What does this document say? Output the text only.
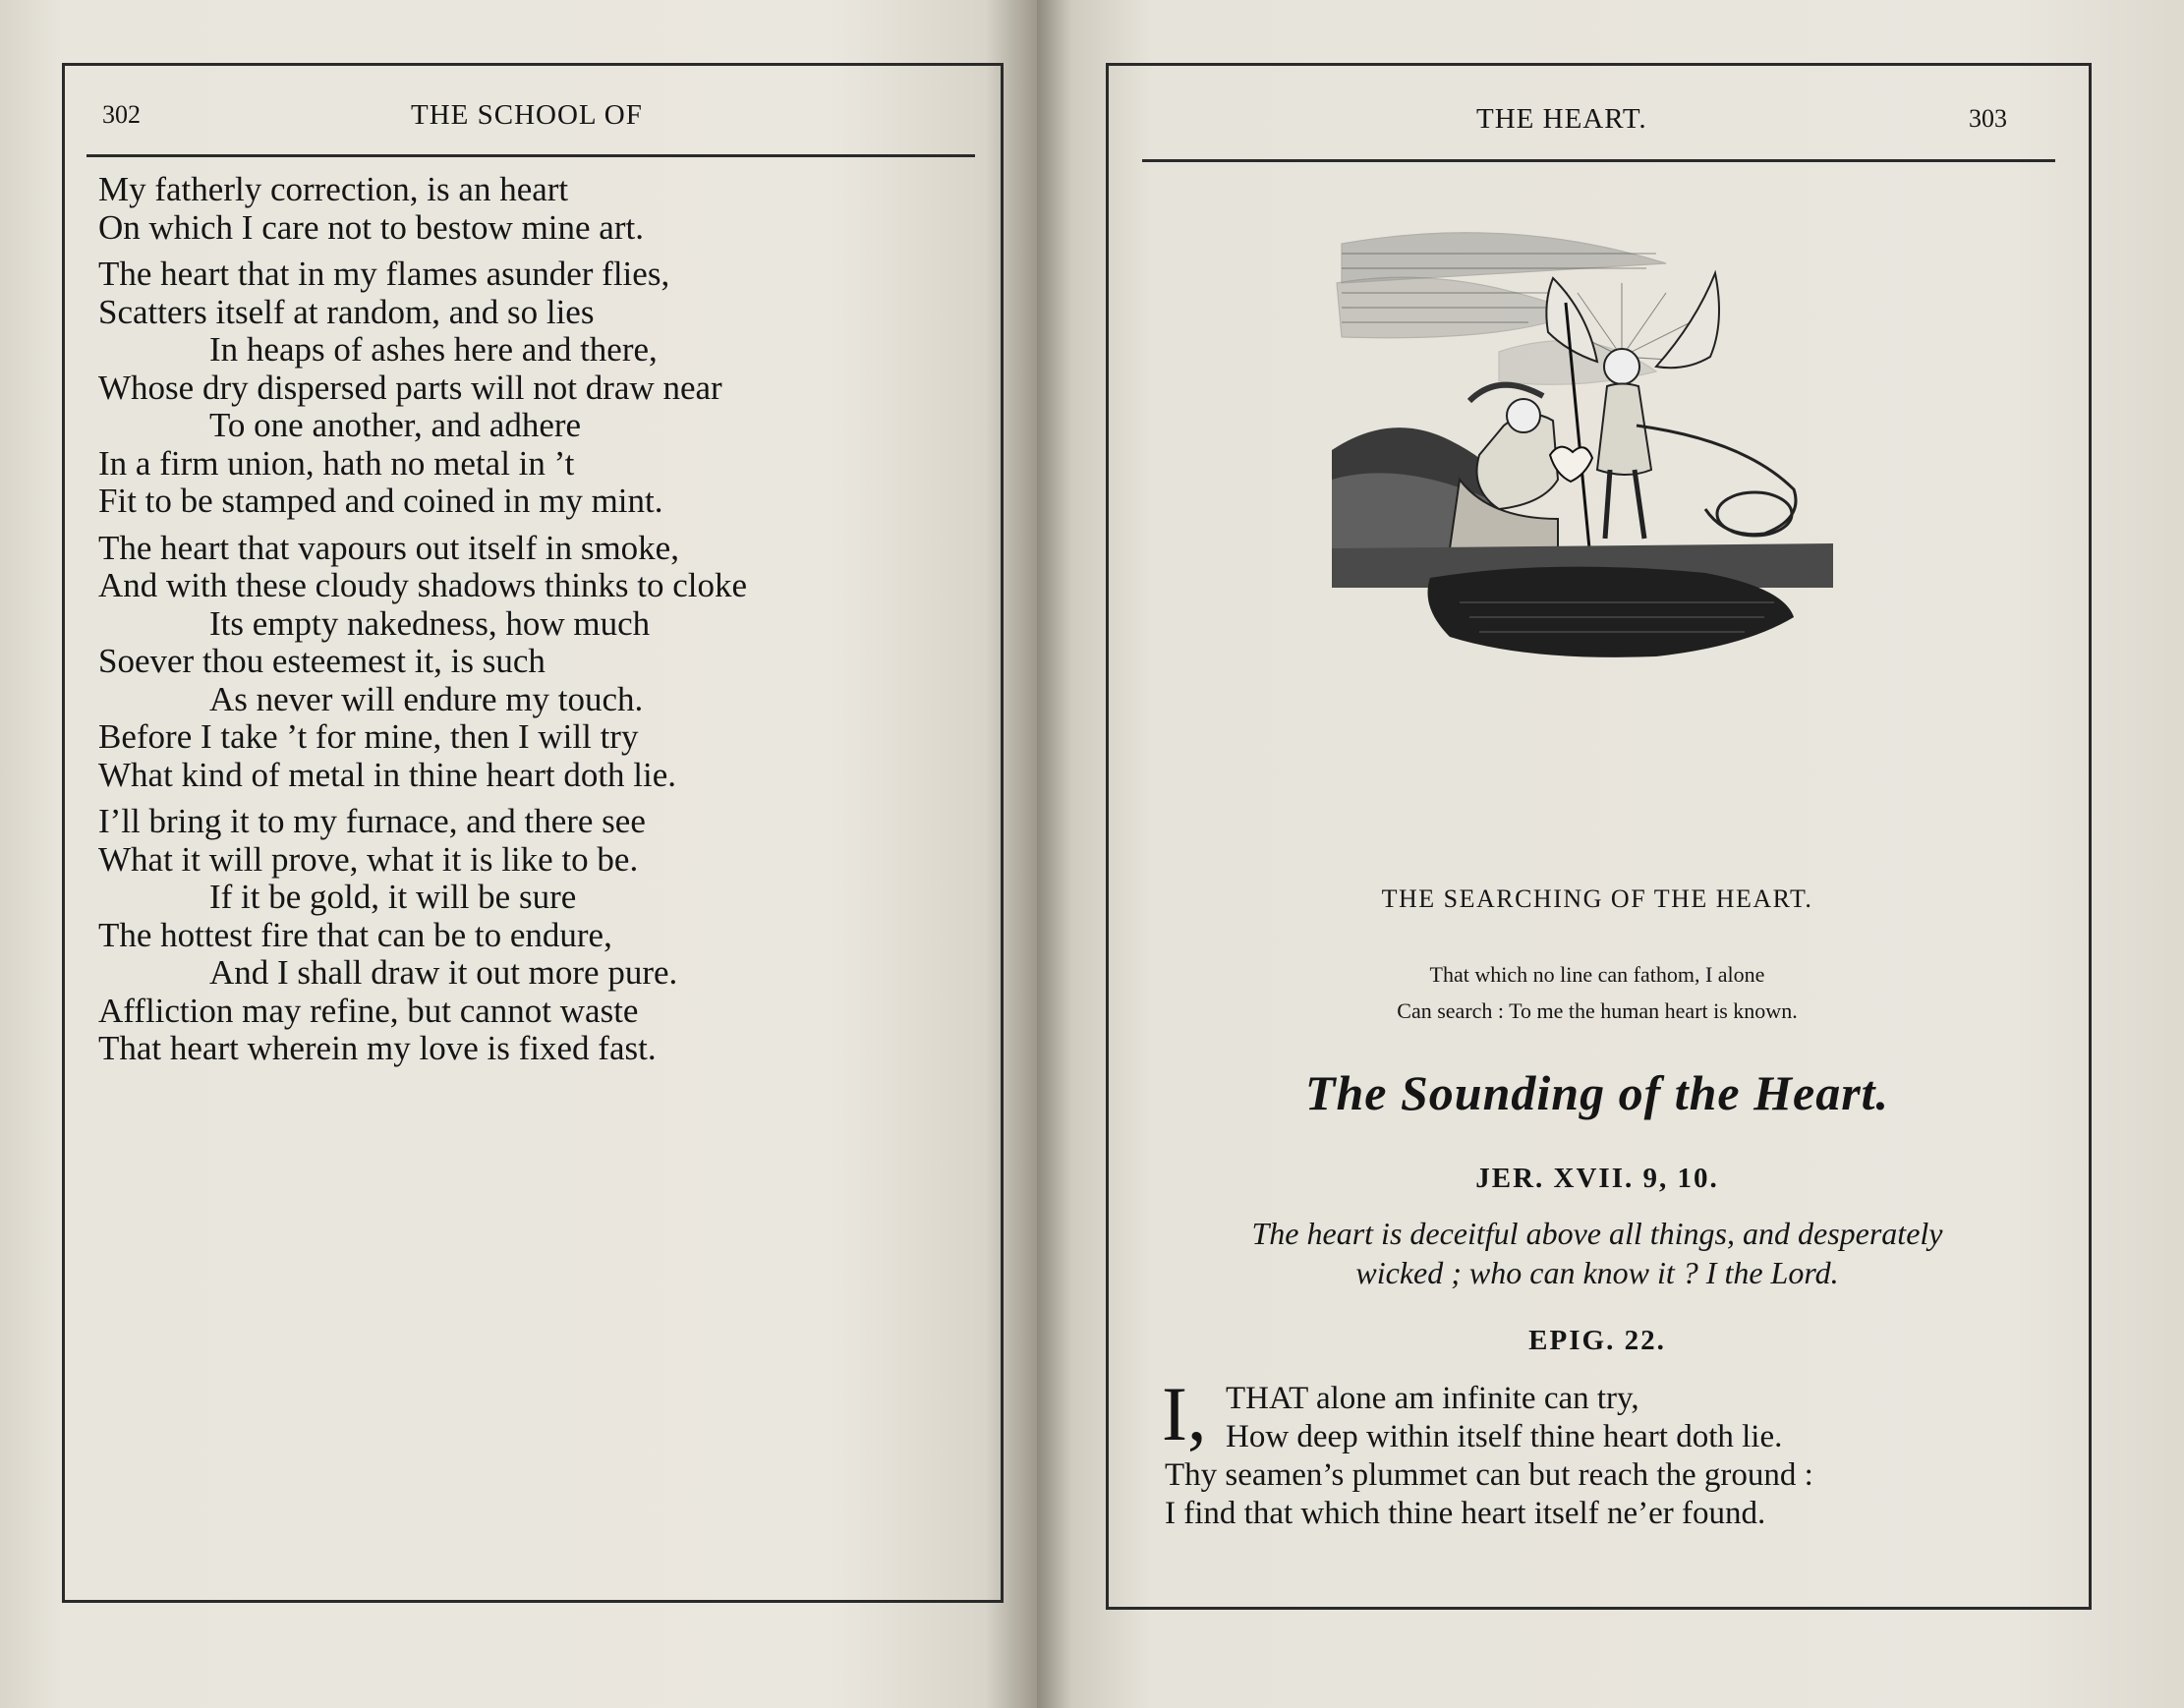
302	THE SCHOOL OF

My fatherly correction, is an heart

On which I care not to bestow mine art.

The heart that in my flames asunder flies,

Scatters itself at random, and so lies

In heaps of ashes here and there,

Whose dry dispersed parts will not draw near

To one another, and adhere

In a firm union, hath no metal in ’t

Fit to be stamped and coined in my mint.

The heart that vapours out itself in smoke,

And with these cloudy shadows thinks to cloke

Its empty nakedness, how much

Soever thou esteemest it, is such

As never will endure my touch.

Before I take ’t for mine, then I will try

What kind of metal in thine heart doth lie.

I’ll bring it to my furnace, and there see

What it will prove, what it is like to be.

If it be gold, it will be sure

The hottest fire that can be to endure,

And I shall draw it out more pure.

Affliction may refine, but cannot waste

That heart wherein my love is fixed fast.

THE HEART.	303
THE SEARCHING OF THE HEART.
That which no line can fathom, I alone
Can search : To me the human heart is known.
The Sounding of the Heart.
JER. XVII. 9, 10.
The heart is deceitful above all things, and desperately
wicked ; who can know it ? I the Lord.
EPIG. 22.
I, THAT alone am infinite can try,
How deep within itself thine heart doth lie.
Thy seamen’s plummet can but reach the ground :
I find that which thine heart itself ne’er found.
